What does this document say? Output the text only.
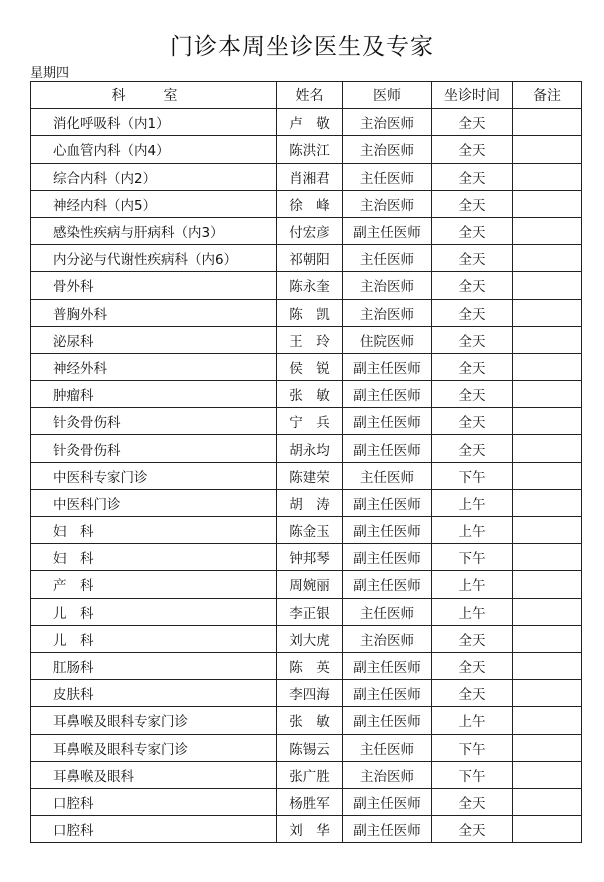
门诊本周坐诊医生及专家
星期四
科室	姓名	医师	坐诊时间	备注
消化呼吸科（内1）	卢　敬	主治医师	全天	
心血管内科（内4）	陈洪江	主治医师	全天	
综合内科（内2）	肖湘君	主任医师	全天	
神经内科（内5）	徐　峰	主治医师	全天	
感染性疾病与肝病科（内3）	付宏彦	副主任医师	全天	
内分泌与代谢性疾病科（内6）	祁朝阳	主任医师	全天	
骨外科	陈永奎	主治医师	全天	
普胸外科	陈　凯	主治医师	全天	
泌尿科	王　玲	住院医师	全天	
神经外科	侯　锐	副主任医师	全天	
肿瘤科	张　敏	副主任医师	全天	
针灸骨伤科	宁　兵	副主任医师	全天	
针灸骨伤科	胡永均	副主任医师	全天	
中医科专家门诊	陈建荣	主任医师	下午	
中医科门诊	胡　涛	副主任医师	上午	
妇　科	陈金玉	副主任医师	上午	
妇　科	钟邦琴	副主任医师	下午	
产　科	周婉丽	副主任医师	上午	
儿　科	李正银	主任医师	上午	
儿　科	刘大虎	主治医师	全天	
肛肠科	陈　英	副主任医师	全天	
皮肤科	李四海	副主任医师	全天	
耳鼻喉及眼科专家门诊	张　敏	副主任医师	上午	
耳鼻喉及眼科专家门诊	陈锡云	主任医师	下午	
耳鼻喉及眼科	张广胜	主治医师	下午	
口腔科	杨胜军	副主任医师	全天	
口腔科	刘　华	副主任医师	全天	
